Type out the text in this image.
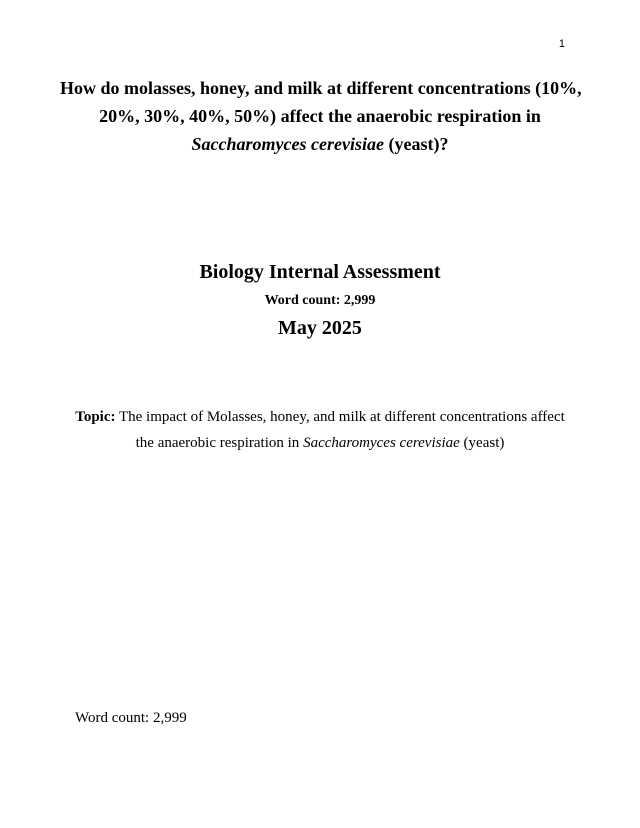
1
How do molasses, honey, and milk at different concentrations (10%,
20%, 30%, 40%, 50%) affect the anaerobic respiration in
Saccharomyces cerevisiae (yeast)?
Biology Internal Assessment

Word count: 2,999

May 2025

Topic: The impact of Molasses, honey, and milk at different concentrations affect
the anaerobic respiration in Saccharomyces cerevisiae (yeast)

Word count: 2,999
